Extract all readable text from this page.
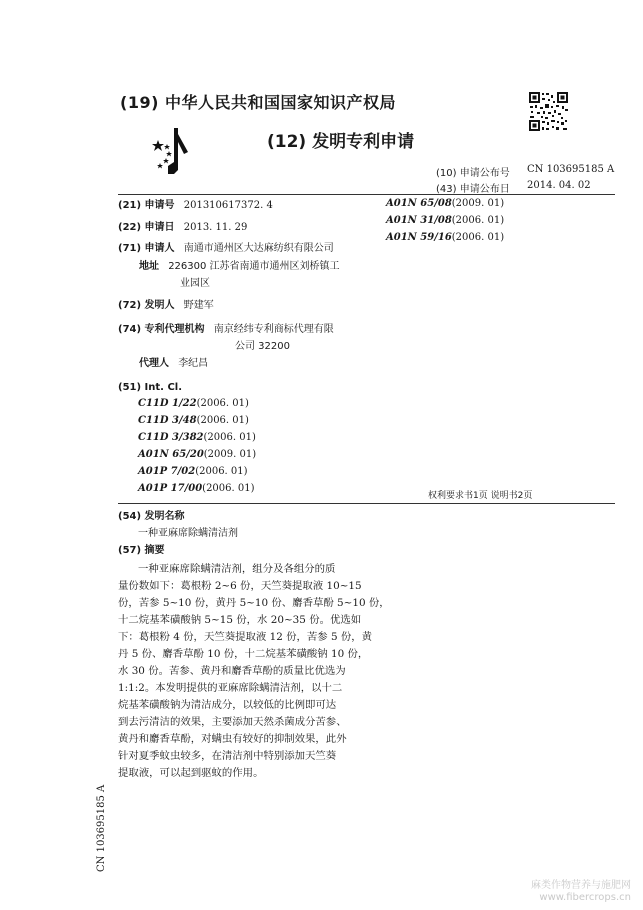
(19) 中华人民共和国国家知识产权局
(12) 发明专利申请
(10) 申请公布号 CN 103695185 A
(43) 申请公布日 2014. 04. 02
(21) 申请号 201310617372. 4
(22) 申请日 2013. 11. 29
(71) 申请人 南通市通州区大达麻纺织有限公司
地址 226300 江苏省南通市通州区刘桥镇工
业园区
(72) 发明人 野建军
(74) 专利代理机构 南京经纬专利商标代理有限
公司 32200
代理人 李纪昌
(51) Int. Cl.
C11D 1/22(2006. 01)
C11D 3/48(2006. 01)
C11D 3/382(2006. 01)
A01N 65/20(2009. 01)
A01P 7/02(2006. 01)
A01P 17/00(2006. 01)
A01N 65/08(2009. 01)
A01N 31/08(2006. 01)
A01N 59/16(2006. 01)
权利要求书1页 说明书2页
(54) 发明名称
一种亚麻席除螨清洁剂
(57) 摘要
一种亚麻席除螨清洁剂，组分及各组分的质
量份数如下：葛根粉 2~6 份，天竺葵提取液 10~15
份，苦参 5~10 份，黄丹 5~10 份、麝香草酚 5~10 份，
十二烷基苯磺酸钠 5~15 份，水 20~35 份。优选如
下：葛根粉 4 份，天竺葵提取液 12 份，苦参 5 份，黄
丹 5 份、麝香草酚 10 份，十二烷基苯磺酸钠 10 份，
水 30 份。苦参、黄丹和麝香草酚的质量比优选为
1:1:2。本发明提供的亚麻席除螨清洁剂，以十二
烷基苯磺酸钠为清洁成分，以较低的比例即可达
到去污清洁的效果，主要添加天然杀菌成分苦参、
黄丹和麝香草酚，对螨虫有较好的抑制效果，此外
针对夏季蚊虫较多，在清洁剂中特别添加天竺葵
提取液，可以起到驱蚊的作用。
CN 103695185 A
麻类作物营养与施肥网
www.fibercrops.cn
